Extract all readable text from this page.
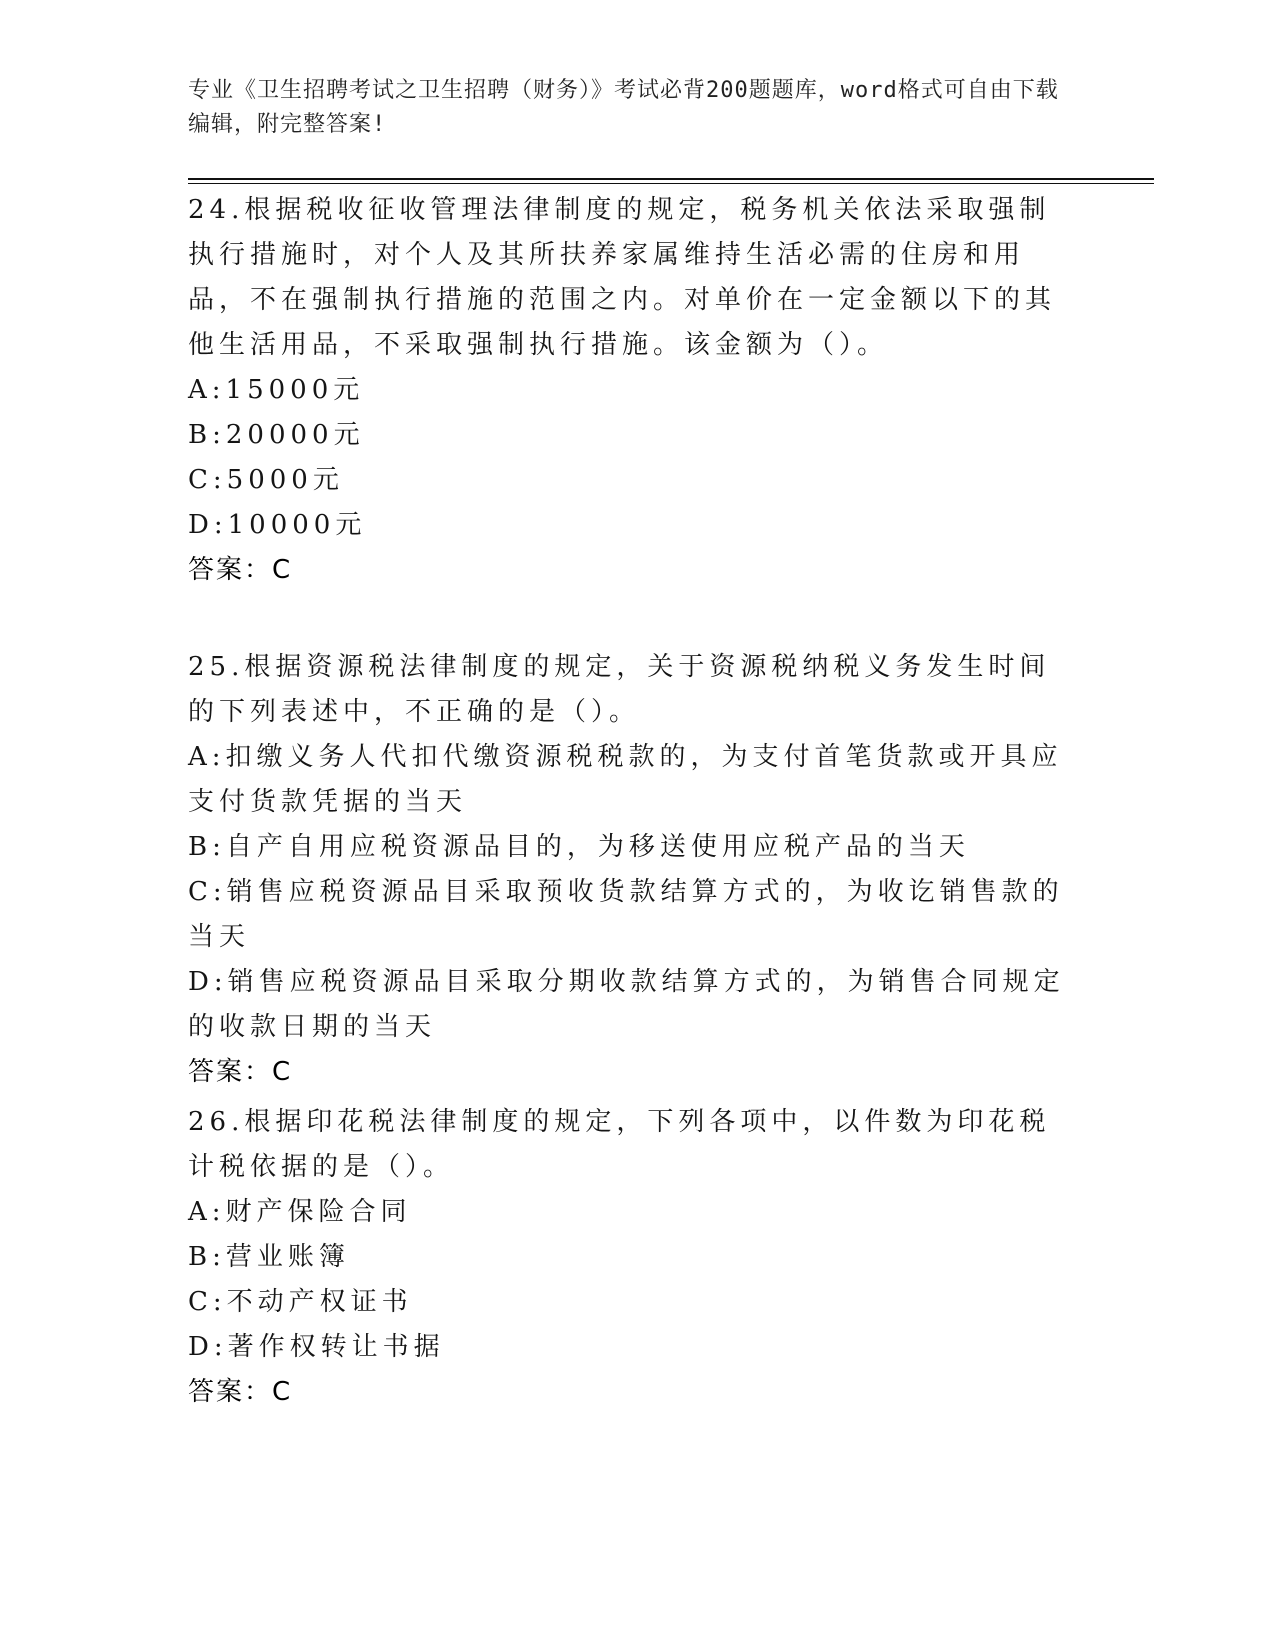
专业《卫生招聘考试之卫生招聘（财务）》考试必背200题题库，word格式可自由下载编辑，附完整答案!
24.根据税收征收管理法律制度的规定，税务机关依法采取强制执行措施时，对个人及其所扶养家属维持生活必需的住房和用品，不在强制执行措施的范围之内。对单价在一定金额以下的其他生活用品，不采取强制执行措施。该金额为（）。
A:15000元
B:20000元
C:5000元
D:10000元
答案：C
25.根据资源税法律制度的规定，关于资源税纳税义务发生时间的下列表述中，不正确的是（）。
A:扣缴义务人代扣代缴资源税税款的，为支付首笔货款或开具应支付货款凭据的当天
B:自产自用应税资源品目的，为移送使用应税产品的当天
C:销售应税资源品目采取预收货款结算方式的，为收讫销售款的当天
D:销售应税资源品目采取分期收款结算方式的，为销售合同规定的收款日期的当天
答案：C
26.根据印花税法律制度的规定，下列各项中，以件数为印花税计税依据的是（）。
A:财产保险合同
B:营业账簿
C:不动产权证书
D:著作权转让书据
答案：C
